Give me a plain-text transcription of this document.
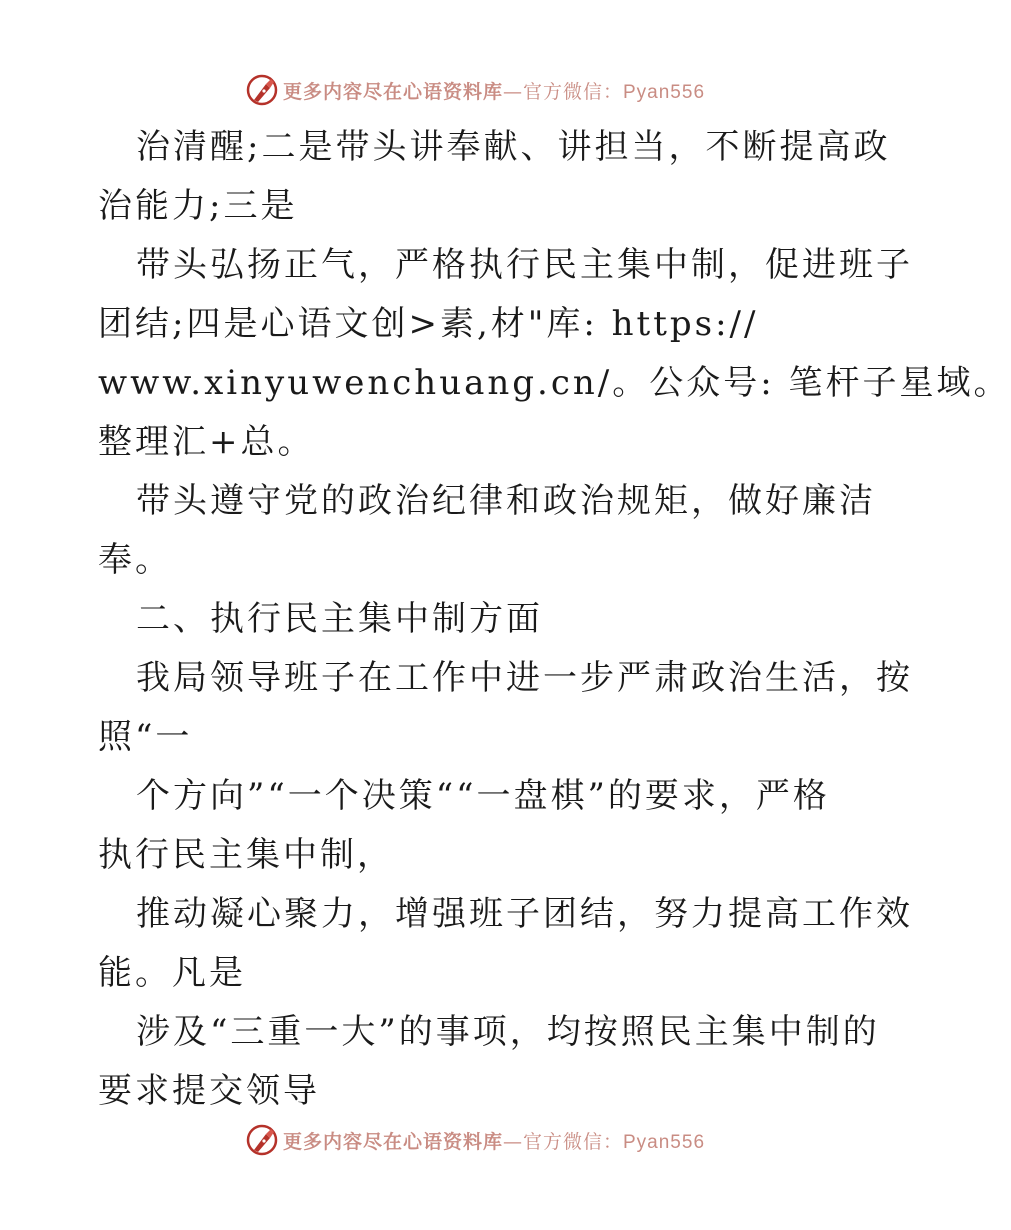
更多内容尽在心语资料库—官方微信：Pyan556

治清醒;二是带头讲奉献、讲担当，不断提高政

治能力;三是

带头弘扬正气，严格执行民主集中制，促进班子

团结;四是心语文创>素,材"库: https://

www.xinyuwenchuang.cn/。公众号: 笔杆子星域。

整理汇+总。

带头遵守党的政治纪律和政治规矩，做好廉洁

奉。

二、执行民主集中制方面

我局领导班子在工作中进一步严肃政治生活，按

照“一

个方向”“一个决策““一盘棋”的要求，严格

执行民主集中制，

推动凝心聚力，增强班子团结，努力提高工作效

能。凡是

涉及“三重一大”的事项，均按照民主集中制的

要求提交领导

更多内容尽在心语资料库—官方微信：Pyan556
